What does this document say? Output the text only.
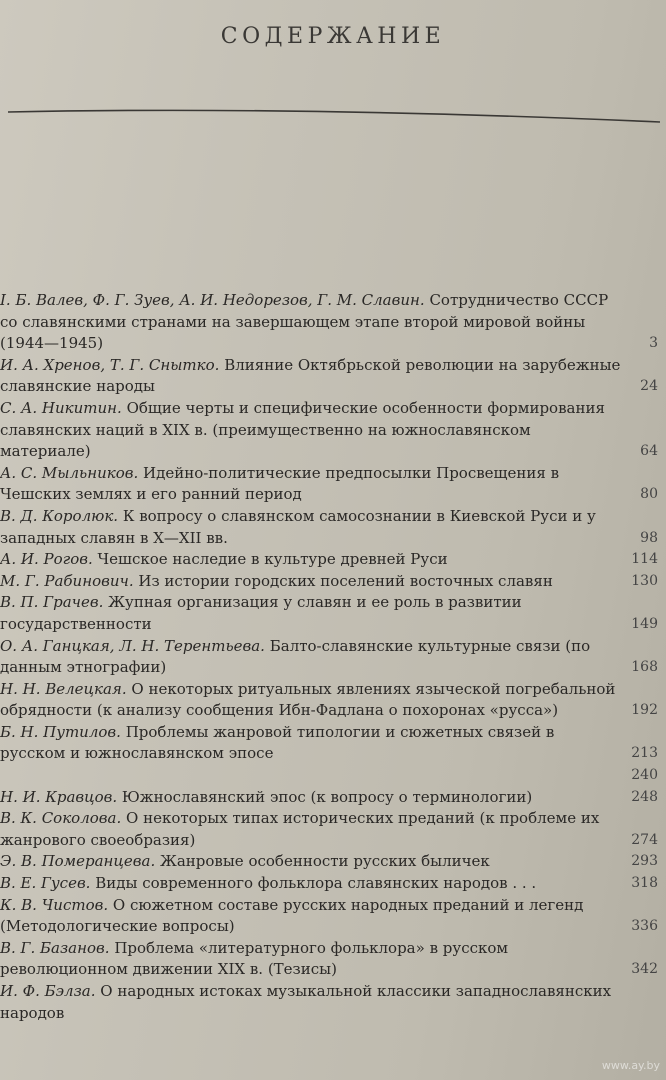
СОДЕРЖАНИЕ
I. Б. Валев, Ф. Г. Зуев, А. И. Недорезов, Г. М. Славин. Сотрудничество СССР со славянскими странами на завершающем этапе второй мировой войны (1944—1945)	3
И. А. Хренов, Т. Г. Снытко. Влияние Октябрьской революции на зарубежные славянские народы	24
С. А. Никитин. Общие черты и специфические особенности формирования славянских наций в XIX в. (преимущественно на южнославянском материале)	64
А. С. Мыльников. Идейно-политические предпосылки Просвещения в Чешских землях и его ранний период	80
В. Д. Королюк. К вопросу о славянском самосознании в Киевской Руси и у западных славян в X—XII вв.	98
А. И. Рогов. Чешское наследие в культуре древней Руси	114
М. Г. Рабинович. Из истории городских поселений восточных славян	130
В. П. Грачев. Жупная организация у славян и ее роль в развитии государственности	149
О. А. Ганцкая, Л. Н. Терентьева. Балто-славянские культурные связи (по данным этнографии)	168
Н. Н. Велецкая. О некоторых ритуальных явлениях языческой погребальной обрядности (к анализу сообщения Ибн-Фадлана о похоронах «русса»)	192
Б. Н. Путилов. Проблемы жанровой типологии и сюжетных связей в русском и южнославянском эпосе	213
240
Н. И. Кравцов. Южнославянский эпос (к вопросу о терминологии)	248
В. К. Соколова. О некоторых типах исторических преданий (к проблеме их жанрового своеобразия)	274
Э. В. Померанцева. Жанровые особенности русских быличек	293
В. Е. Гусев. Виды современного фольклора славянских народов . . .	318
К. В. Чистов. О сюжетном составе русских народных преданий и легенд (Методологические вопросы)	336
В. Г. Базанов. Проблема «литературного фольклора» в русском революционном движении XIX в. (Тезисы)	342
И. Ф. Бэлза. О народных истоках музыкальной классики западнославянских народов
www.ay.by
